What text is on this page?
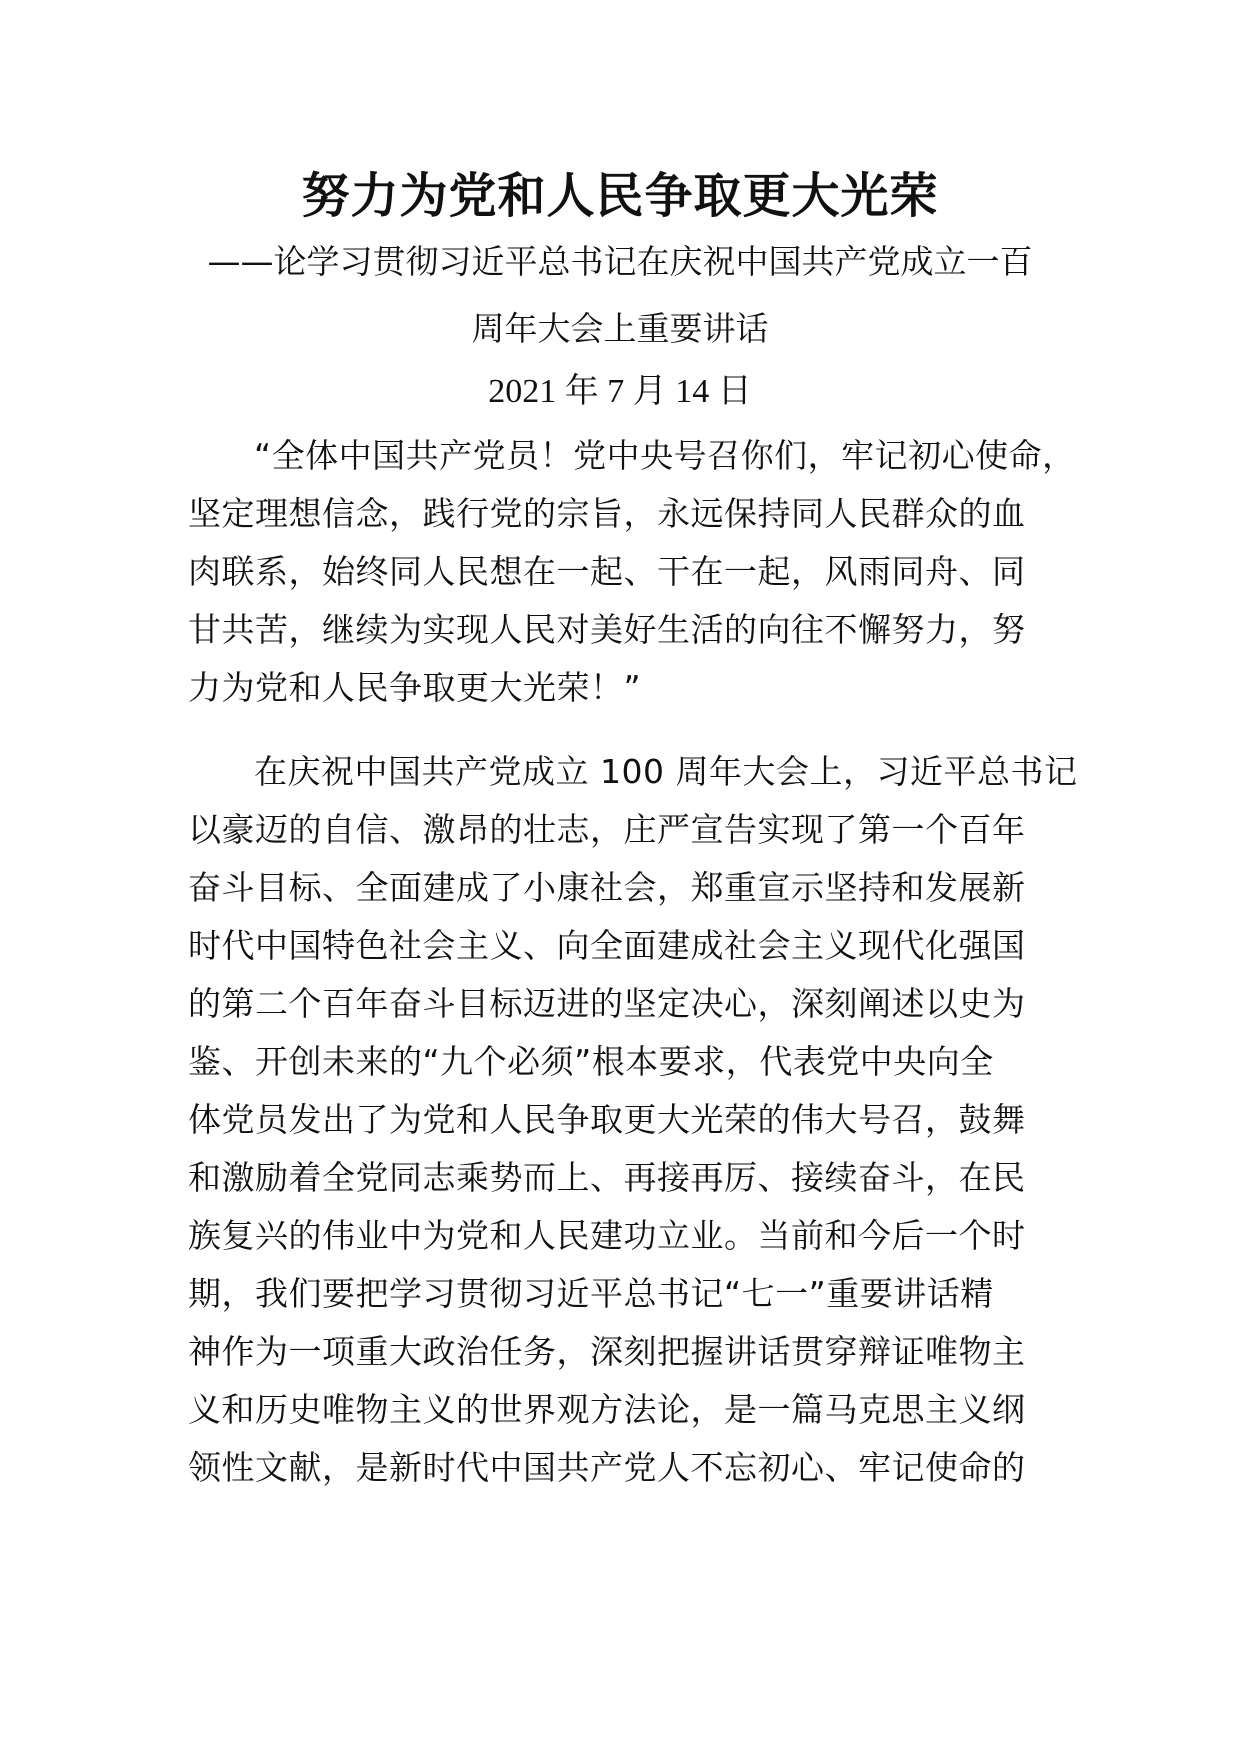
努力为党和人民争取更大光荣
——论学习贯彻习近平总书记在庆祝中国共产党成立一百
周年大会上重要讲话
2021 年 7 月 14 日
“全体中国共产党员！党中央号召你们，牢记初心使命，
坚定理想信念，践行党的宗旨，永远保持同人民群众的血
肉联系，始终同人民想在一起、干在一起，风雨同舟、同
甘共苦，继续为实现人民对美好生活的向往不懈努力，努
力为党和人民争取更大光荣！”
在庆祝中国共产党成立 100 周年大会上，习近平总书记
以豪迈的自信、激昂的壮志，庄严宣告实现了第一个百年
奋斗目标、全面建成了小康社会，郑重宣示坚持和发展新
时代中国特色社会主义、向全面建成社会主义现代化强国
的第二个百年奋斗目标迈进的坚定决心，深刻阐述以史为
鉴、开创未来的“九个必须”根本要求，代表党中央向全
体党员发出了为党和人民争取更大光荣的伟大号召，鼓舞
和激励着全党同志乘势而上、再接再厉、接续奋斗，在民
族复兴的伟业中为党和人民建功立业。当前和今后一个时
期，我们要把学习贯彻习近平总书记“七一”重要讲话精
神作为一项重大政治任务，深刻把握讲话贯穿辩证唯物主
义和历史唯物主义的世界观方法论，是一篇马克思主义纲
领性文献，是新时代中国共产党人不忘初心、牢记使命的
